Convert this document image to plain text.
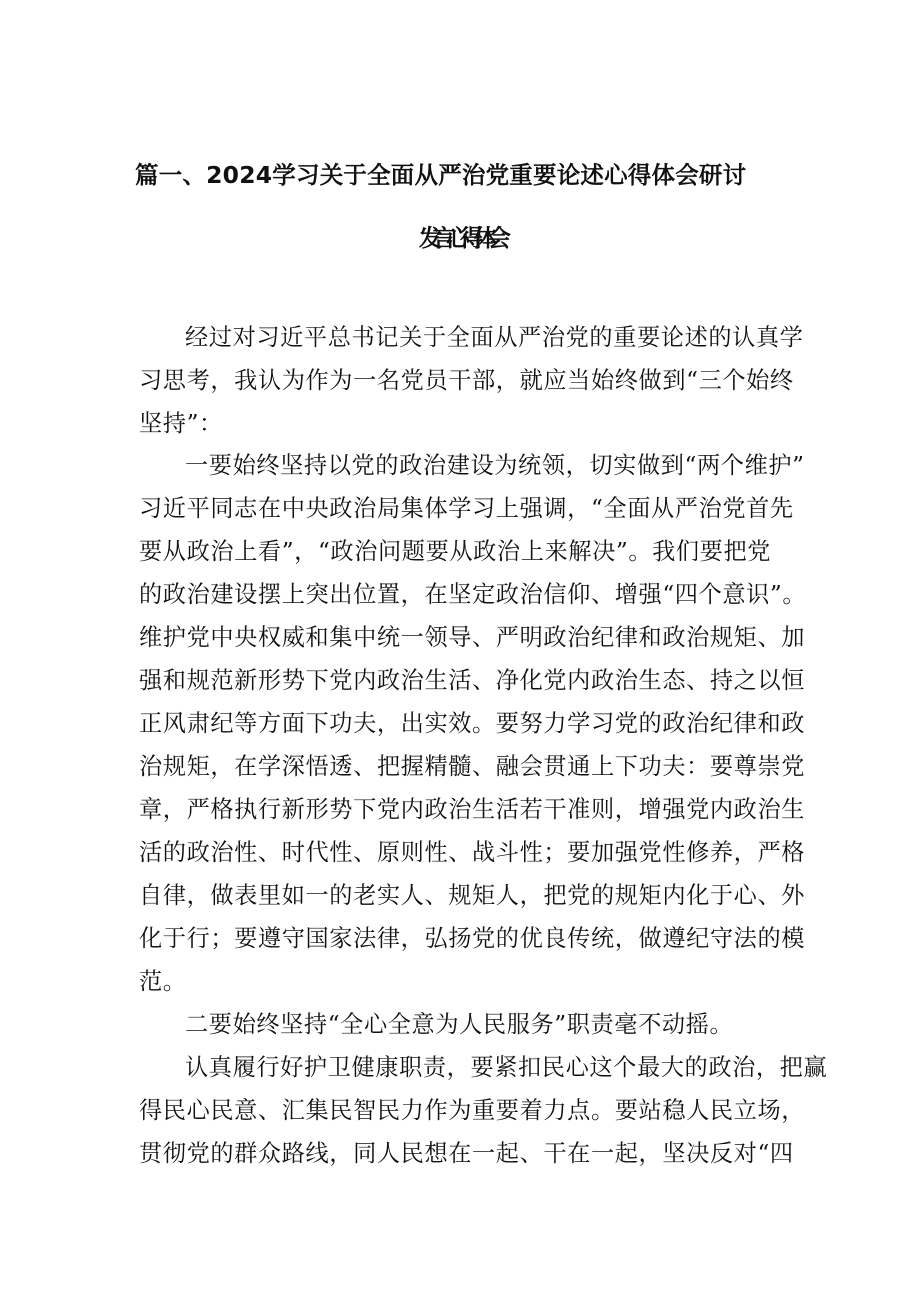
篇一、2024学习关于全面从严治党重要论述心得体会研讨
发言心得体会
经过对习近平总书记关于全面从严治党的重要论述的认真学
习思考，我认为作为一名党员干部，就应当始终做到“三个始终
坚持”：
一要始终坚持以党的政治建设为统领，切实做到“两个维护”
习近平同志在中央政治局集体学习上强调，“全面从严治党首先
要从政治上看”，“政治问题要从政治上来解决”。我们要把党
的政治建设摆上突出位置，在坚定政治信仰、增强“四个意识”。
维护党中央权威和集中统一领导、严明政治纪律和政治规矩、加
强和规范新形势下党内政治生活、净化党内政治生态、持之以恒
正风肃纪等方面下功夫，出实效。要努力学习党的政治纪律和政
治规矩，在学深悟透、把握精髓、融会贯通上下功夫：要尊崇党
章，严格执行新形势下党内政治生活若干准则，增强党内政治生
活的政治性、时代性、原则性、战斗性；要加强党性修养，严格
自律，做表里如一的老实人、规矩人，把党的规矩内化于心、外
化于行；要遵守国家法律，弘扬党的优良传统，做遵纪守法的模
范。
二要始终坚持“全心全意为人民服务”职责毫不动摇。
认真履行好护卫健康职责，要紧扣民心这个最大的政治，把赢
得民心民意、汇集民智民力作为重要着力点。要站稳人民立场，
贯彻党的群众路线，同人民想在一起、干在一起，坚决反对“四
